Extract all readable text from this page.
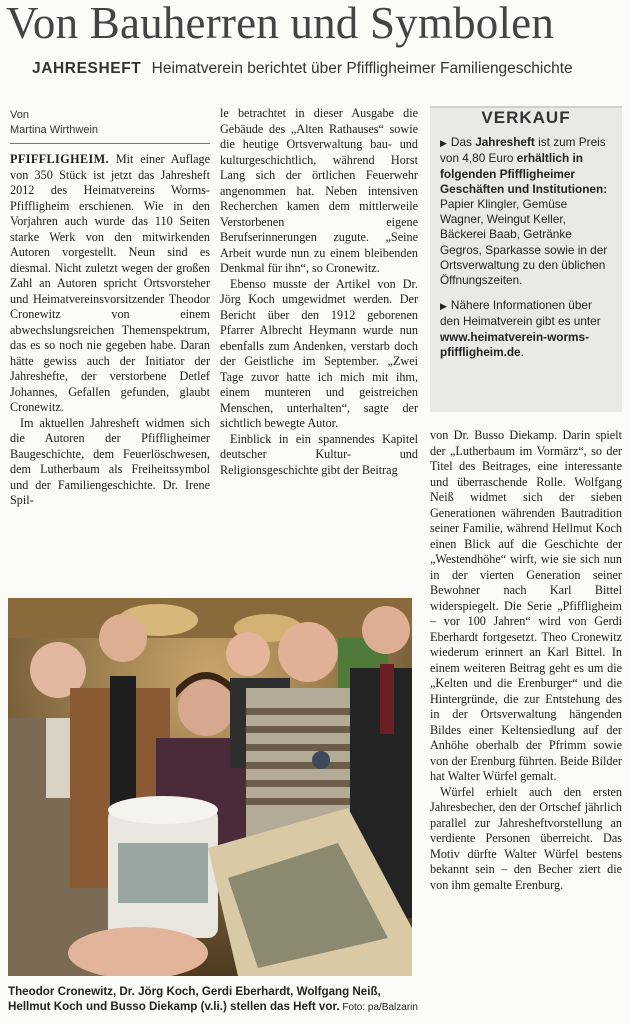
Von Bauherren und Symbolen
JAHRESHEFT Heimatverein berichtet über Pfiffligheimer Familiengeschichte
Von
Martina Wirthwein

PFIFFLIGHEIM. Mit einer Auflage von 350 Stück ist jetzt das Jahresheft 2012 des Heimatvereins Worms-Pfiffligheim erschienen. Wie in den Vorjahren auch wurde das 110 Seiten starke Werk von den mitwirkenden Autoren vorgestellt. Neun sind es diesmal. Nicht zuletzt wegen der großen Zahl an Autoren spricht Ortsvorsteher und Heimatvereinsvorsitzender Theodor Cronewitz von einem abwechslungsreichen Themenspektrum, das es so noch nie gegeben habe. Daran hätte gewiss auch der Initiator der Jahreshefte, der verstorbene Detlef Johannes, Gefallen gefunden, glaubt Cronewitz.

Im aktuellen Jahresheft widmen sich die Autoren der Pfiffligheimer Baugeschichte, dem Feuerlöschwesen, dem Lutherbaum als Freiheitssymbol und der Familiengeschichte. Dr. Irene Spil-

le betrachtet in dieser Ausgabe die Gebäude des „Alten Rathauses“ sowie die heutige Ortsverwaltung bau- und kulturgeschichtlich, während Horst Lang sich der örtlichen Feuerwehr angenommen hat. Neben intensiven Recherchen kamen dem mittlerweile Verstorbenen eigene Berufserinnerungen zugute. „Seine Arbeit wurde nun zu einem bleibenden Denkmal für ihn“, so Cronewitz.

Ebenso musste der Artikel von Dr. Jörg Koch umgewidmet werden. Der Bericht über den 1912 geborenen Pfarrer Albrecht Heymann wurde nun ebenfalls zum Andenken, verstarb doch der Geistliche im September. „Zwei Tage zuvor hatte ich mich mit ihm, einem munteren und geistreichen Menschen, unterhalten“, sagte der sichtlich bewegte Autor.

Einblick in ein spannendes Kapitel deutscher Kultur- und Religionsgeschichte gibt der Beitrag

VERKAUF

▶ Das Jahresheft ist zum Preis von 4,80 Euro erhältlich in folgenden Pfiffligheimer Geschäften und Institutionen: Papier Klingler, Gemüse Wagner, Weingut Keller, Bäckerei Baab, Getränke Gegros, Sparkasse sowie in der Ortsverwaltung zu den üblichen Öffnungszeiten.

▶ Nähere Informationen über den Heimatverein gibt es unter www.heimatverein-worms-pfiffligheim.de.

von Dr. Busso Diekamp. Darin spielt der „Lutherbaum im Vormärz“, so der Titel des Beitrages, eine interessante und überraschende Rolle. Wolfgang Neiß widmet sich der sieben Generationen währenden Bautradition seiner Familie, während Hellmut Koch einen Blick auf die Geschichte der „Westendhöhe“ wirft, wie sie sich nun in der vierten Generation seiner Bewohner nach Karl Bittel widerspiegelt. Die Serie „Pfiffligheim – vor 100 Jahren“ wird von Gerdi Eberhardt fortgesetzt. Theo Cronewitz wiederum erinnert an Karl Bittel. In einem weiteren Beitrag geht es um die „Kelten und die Erenburger“ und die Hintergründe, die zur Entstehung des in der Ortsverwaltung hängenden Bildes einer Keltensiedlung auf der Anhöhe oberhalb der Pfrimm sowie von der Erenburg führten. Beide Bilder hat Walter Würfel gemalt.

Würfel erhielt auch den ersten Jahresbecher, den der Ortschef jährlich parallel zur Jahresheftvorstellung an verdiente Personen überreicht. Das Motiv dürfte Walter Würfel bestens bekannt sein – den Becher ziert die von ihm gemalte Erenburg.

Theodor Cronewitz, Dr. Jörg Koch, Gerdi Eberhardt, Wolfgang Neiß, Hellmut Koch und Busso Diekamp (v.li.) stellen das Heft vor. Foto: pa/Balzarin
